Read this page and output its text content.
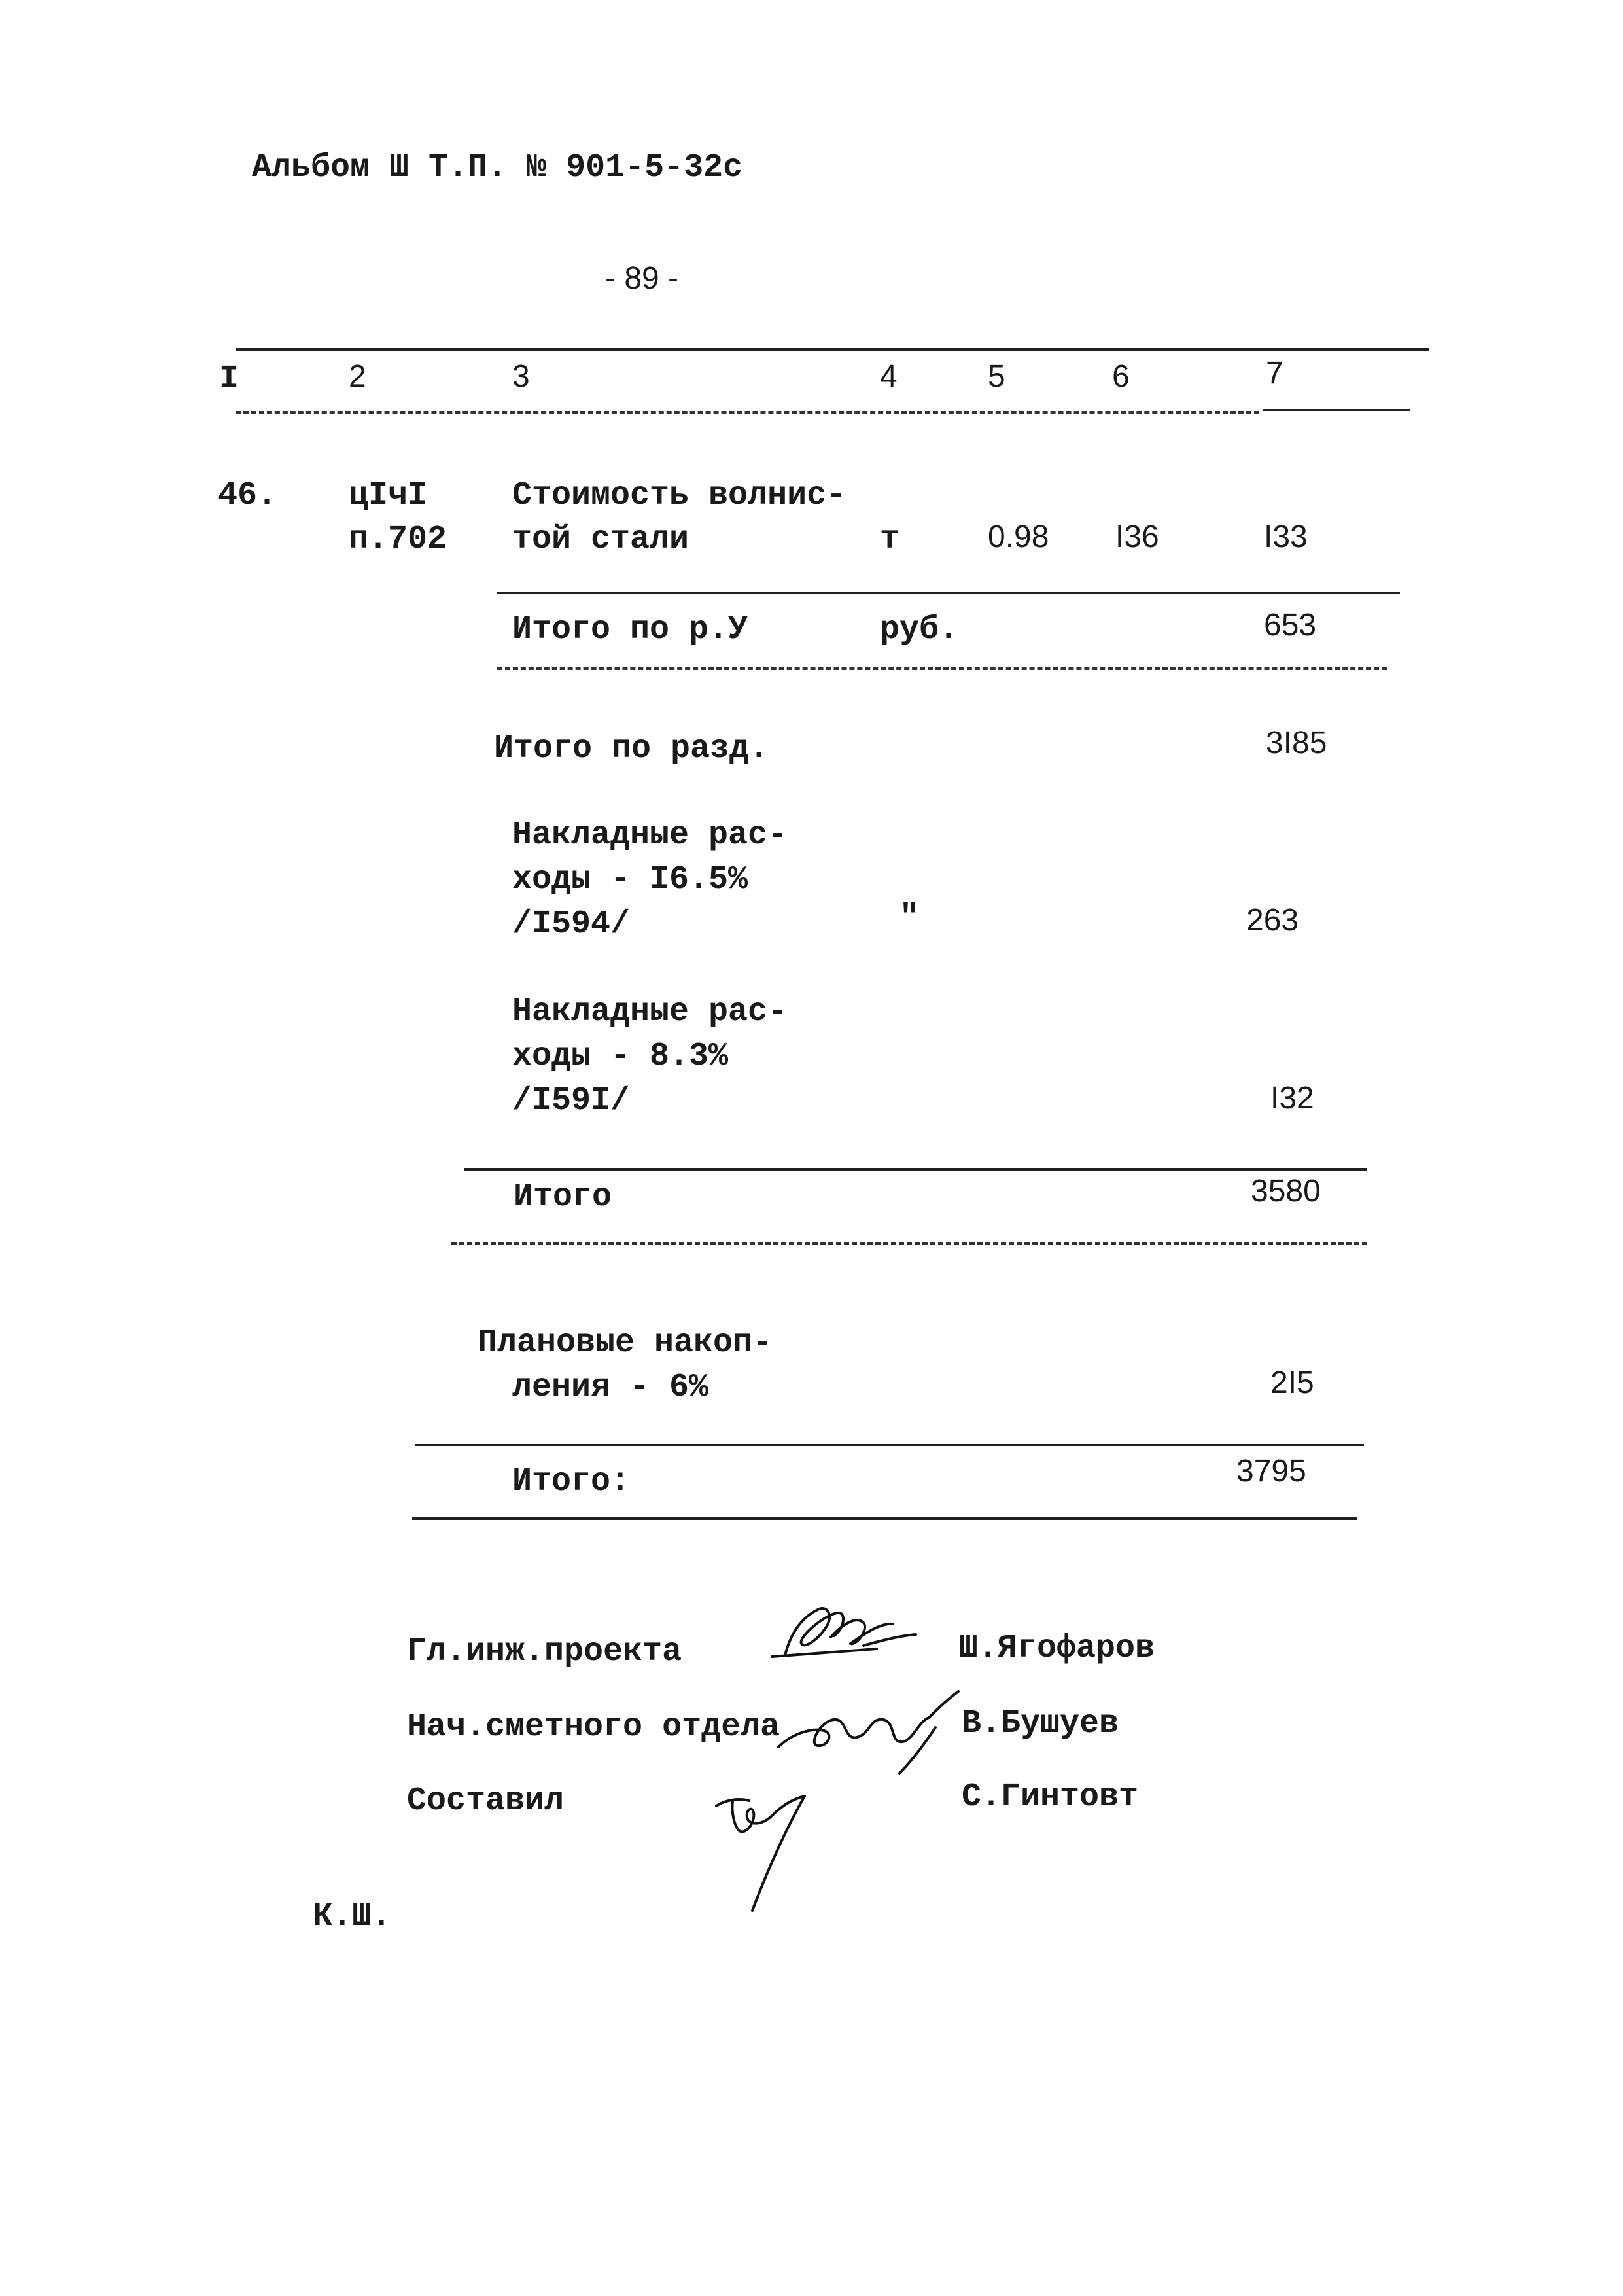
Альбом Ш Т.П. № 901-5-32с
- 89 -
I	2	3	4	5	6	7
46. цIчI
п.702
Стоимость волнис-
той стали	т	0.98 I36	I33
Итого по р.У	руб.	653
Итого по разд.	3I85
Накладные рас-
ходы - I6.5%
/I594/	"	263
Накладные рас-
ходы - 8.3%
/I59I/	I32
Итого	3580
Плановые накоп-
ления - 6%	2I5
Итого:	3795
Гл.инж.проекта	Ш.Ягофаров
Нач.сметного отдела	В.Бушуев
Составил	С.Гинтовт
К.Ш.
